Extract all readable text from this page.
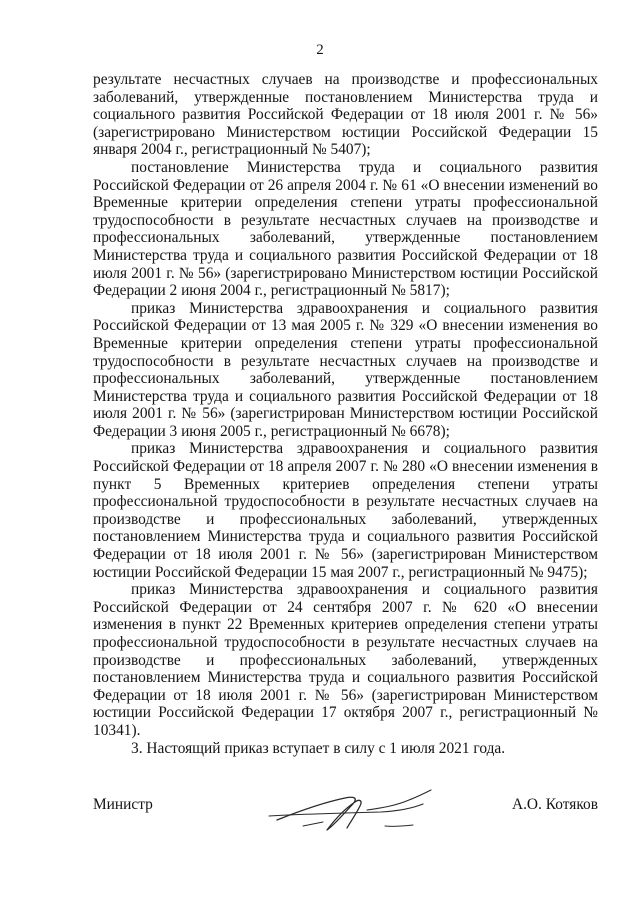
2

результате несчастных случаев на производстве и профессиональных заболеваний, утвержденные постановлением Министерства труда и социального развития Российской Федерации от 18 июля 2001 г. № 56» (зарегистрировано Министерством юстиции Российской Федерации 15 января 2004 г., регистрационный № 5407);

постановление Министерства труда и социального развития Российской Федерации от 26 апреля 2004 г. № 61 «О внесении изменений во Временные критерии определения степени утраты профессиональной трудоспособности в результате несчастных случаев на производстве и профессиональных заболеваний, утвержденные постановлением Министерства труда и социального развития Российской Федерации от 18 июля 2001 г. № 56» (зарегистрировано Министерством юстиции Российской Федерации 2 июня 2004 г., регистрационный № 5817);

приказ Министерства здравоохранения и социального развития Российской Федерации от 13 мая 2005 г. № 329 «О внесении изменения во Временные критерии определения степени утраты профессиональной трудоспособности в результате несчастных случаев на производстве и профессиональных заболеваний, утвержденные постановлением Министерства труда и социального развития Российской Федерации от 18 июля 2001 г. № 56» (зарегистрирован Министерством юстиции Российской Федерации 3 июня 2005 г., регистрационный № 6678);

приказ Министерства здравоохранения и социального развития Российской Федерации от 18 апреля 2007 г. № 280 «О внесении изменения в пункт 5 Временных критериев определения степени утраты профессиональной трудоспособности в результате несчастных случаев на производстве и профессиональных заболеваний, утвержденных постановлением Министерства труда и социального развития Российской Федерации от 18 июля 2001 г. № 56» (зарегистрирован Министерством юстиции Российской Федерации 15 мая 2007 г., регистрационный № 9475);

приказ Министерства здравоохранения и социального развития Российской Федерации от 24 сентября 2007 г. № 620 «О внесении изменения в пункт 22 Временных критериев определения степени утраты профессиональной трудоспособности в результате несчастных случаев на производстве и профессиональных заболеваний, утвержденных постановлением Министерства труда и социального развития Российской Федерации от 18 июля 2001 г. № 56» (зарегистрирован Министерством юстиции Российской Федерации 17 октября 2007 г., регистрационный № 10341).

3. Настоящий приказ вступает в силу с 1 июля 2021 года.

Министр	А.О. Котяков
